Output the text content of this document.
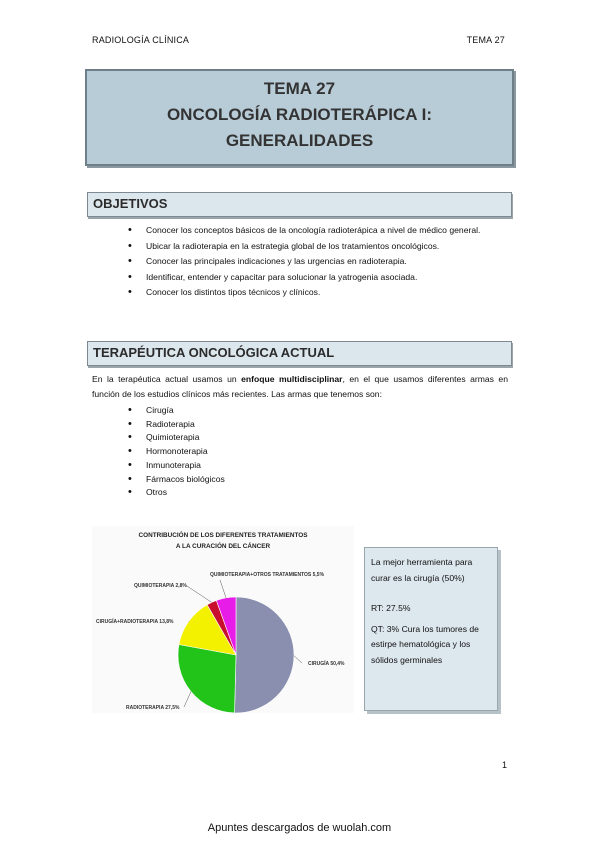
RADIOLOGÍA CLÍNICA	TEMA 27
TEMA 27
ONCOLOGÍA RADIOTERÁPICA I:
GENERALIDADES
OBJETIVOS
• Conocer los conceptos básicos de la oncología radioterápica a nivel de médico general.
• Ubicar la radioterapia en la estrategia global de los tratamientos oncológicos.
• Conocer las principales indicaciones y las urgencias en radioterapia.
• Identificar, entender y capacitar para solucionar la yatrogenia asociada.
• Conocer los distintos tipos técnicos y clínicos.
TERAPÉUTICA ONCOLÓGICA ACTUAL
En la terapéutica actual usamos un enfoque multidisciplinar, en el que usamos diferentes armas en función de los estudios clínicos más recientes. Las armas que tenemos son:
• Cirugía
• Radioterapia
• Quimioterapia
• Hormonoterapia
• Inmunoterapia
• Fármacos biológicos
• Otros
CONTRIBUCIÓN DE LOS DIFERENTES TRATAMIENTOS
A LA CURACIÓN DEL CÁNCER
CIRUGÍA 50,4%
RADIOTERAPIA 27,5%
CIRUGÍA+RADIOTERAPIA 13,8%
QUIMIOTERAPIA 2,8%
QUIMIOTERAPIA+OTROS TRATAMIENTOS 5,5%

La mejor herramienta para curar es la cirugía (50%)

RT: 27.5%

QT: 3% Cura los tumores de estirpe hematológica y los sólidos germinales

1
Apuntes descargados de wuolah.com
